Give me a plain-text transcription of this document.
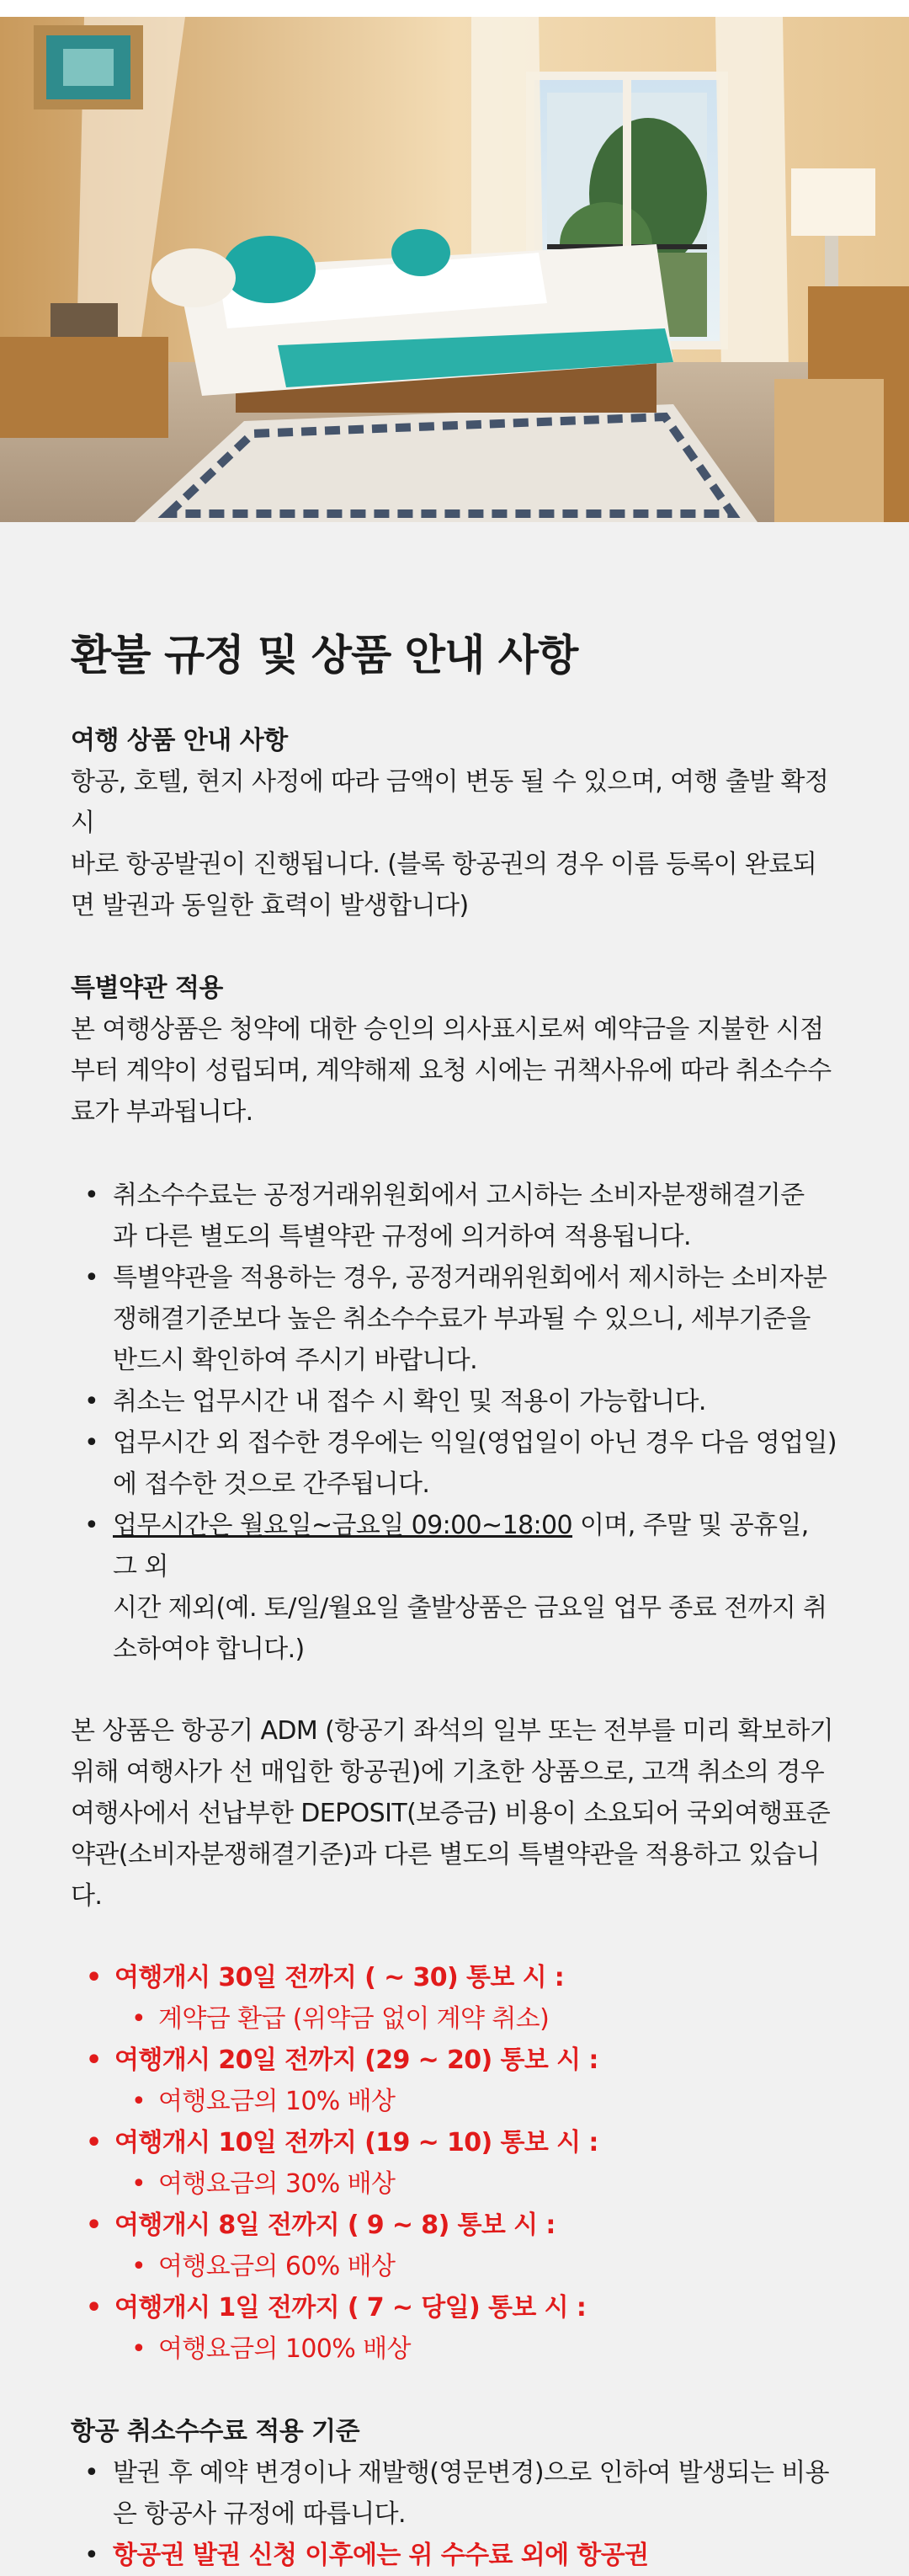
환불 규정 및 상품 안내 사항

여행 상품 안내 사항

항공, 호텔, 현지 사정에 따라 금액이 변동 될 수 있으며, 여행 출발 확정시

바로 항공발권이 진행됩니다. (블록 항공권의 경우 이름 등록이 완료되

면 발권과 동일한 효력이 발생합니다)

특별약관 적용

본 여행상품은 청약에 대한 승인의 의사표시로써 예약금을 지불한 시점

부터 계약이 성립되며, 계약해제 요청 시에는 귀책사유에 따라 취소수수

료가 부과됩니다.

• 취소수수료는 공정거래위원회에서 고시하는 소비자분쟁해결기준
과 다른 별도의 특별약관 규정에 의거하여 적용됩니다.
• 특별약관을 적용하는 경우, 공정거래위원회에서 제시하는 소비자분
쟁해결기준보다 높은 취소수수료가 부과될 수 있으니, 세부기준을
반드시 확인하여 주시기 바랍니다.
• 취소는 업무시간 내 접수 시 확인 및 적용이 가능합니다.
• 업무시간 외 접수한 경우에는 익일(영업일이 아닌 경우 다음 영업일)
에 접수한 것으로 간주됩니다.
• 업무시간은 월요일~금요일 09:00~18:00 이며, 주말 및 공휴일, 그 외
시간 제외(예. 토/일/월요일 출발상품은 금요일 업무 종료 전까지 취
소하여야 합니다.)

본 상품은 항공기 ADM (항공기 좌석의 일부 또는 전부를 미리 확보하기

위해 여행사가 선 매입한 항공권)에 기초한 상품으로, 고객 취소의 경우

여행사에서 선납부한 DEPOSIT(보증금) 비용이 소요되어 국외여행표준

약관(소비자분쟁해결기준)과 다른 별도의 특별약관을 적용하고 있습니

다.

• 여행개시 30일 전까지 ( ~ 30) 통보 시 :
• 계약금 환급 (위약금 없이 계약 취소)
• 여행개시 20일 전까지 (29 ~ 20) 통보 시 :
• 여행요금의 10% 배상
• 여행개시 10일 전까지 (19 ~ 10) 통보 시 :
• 여행요금의 30% 배상
• 여행개시 8일 전까지 ( 9 ~ 8) 통보 시 :
• 여행요금의 60% 배상
• 여행개시 1일 전까지 ( 7 ~ 당일) 통보 시 :
• 여행요금의 100% 배상

항공 취소수수료 적용 기준

• 발권 후 예약 변경이나 재발행(영문변경)으로 인하여 발생되는 비용
은 항공사 규정에 따릅니다.
• 항공권 발권 신청 이후에는 위 수수료 외에 항공권
